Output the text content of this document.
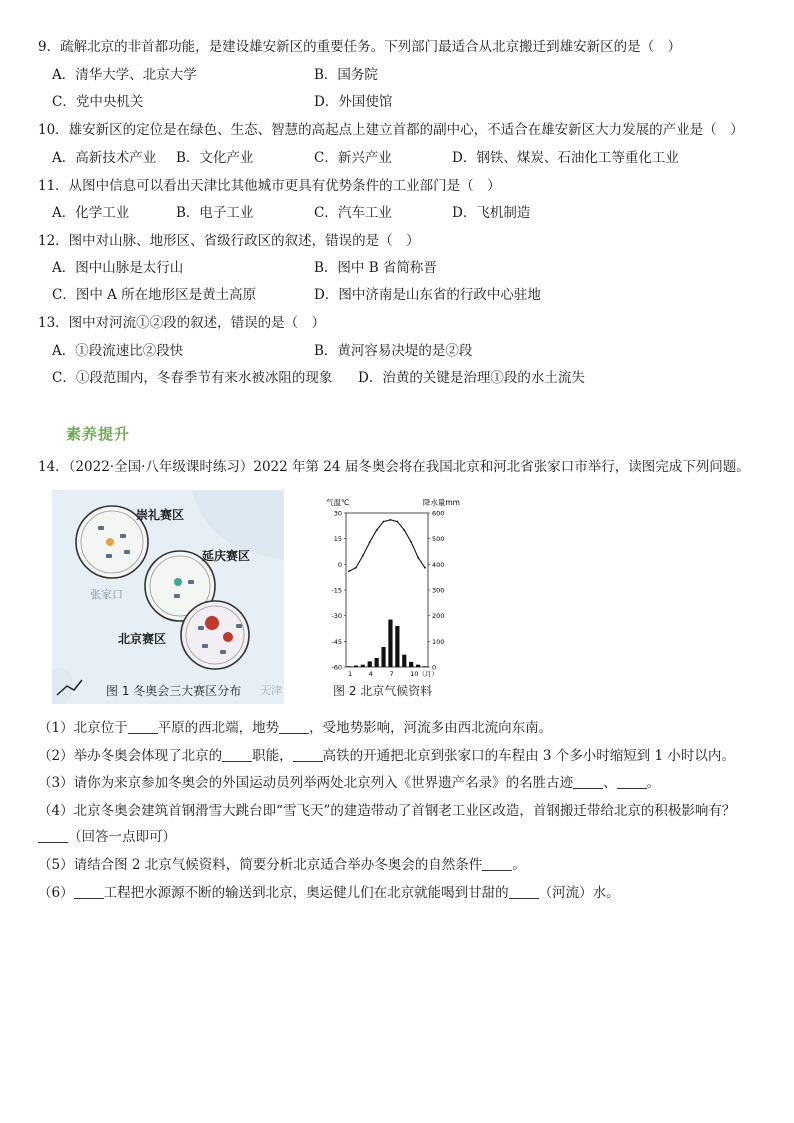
9．疏解北京的非首都功能，是建设雄安新区的重要任务。下列部门最适合从北京搬迁到雄安新区的是（　）
A．清华大学、北京大学	B．国务院
C．党中央机关	D．外国使馆
10．雄安新区的定位是在绿色、生态、智慧的高起点上建立首都的副中心，不适合在雄安新区大力发展的产业是（　）
A．高新技术产业 B．文化产业	C．新兴产业	D．钢铁、煤炭、石油化工等重化工业
11．从图中信息可以看出天津比其他城市更具有优势条件的工业部门是（　）
A．化学工业	B．电子工业	C．汽车工业	D．飞机制造
12．图中对山脉、地形区、省级行政区的叙述，错误的是（　）
A．图中山脉是太行山	B．图中 B 省简称晋
C．图中 A 所在地形区是黄土高原	D．图中济南是山东省的行政中心驻地
13．图中对河流①②段的叙述，错误的是（　）
A．①段流速比②段快	B．黄河容易决堤的是②段
C．①段范围内，冬春季节有来水被冰阻的现象 D．治黄的关键是治理①段的水土流失
素养提升
14．（2022·全国·八年级课时练习）2022 年第 24 届冬奥会将在我国北京和河北省张家口市举行，读图完成下列问题。
崇礼赛区
延庆赛区
张家口
北京赛区
天津
图 1 冬奥会三大赛区分布
气温℃	降水量mm
30
15
0
-15
-30
-45
-60
600
500
400
300
200
100
0
1	4	7	10（月）
图 2 北京气候资料
（1）北京位于 平原的西北端，地势 ，受地势影响，河流多由西北流向东南。
（2）举办冬奥会体现了北京的 职能， 高铁的开通把北京到张家口的车程由 3 个多小时缩短到 1 小时以内。
（3）请你为来京参加冬奥会的外国运动员列举两处北京列入《世界遗产名录》的名胜古迹 、 。
（4）北京冬奥会建筑首钢滑雪大跳台即“雪飞天”的建造带动了首钢老工业区改造，首钢搬迁带给北京的积极影响有？
（回答一点即可）
（5）请结合图 2 北京气候资料，简要分析北京适合举办冬奥会的自然条件 。
（6） 工程把水源源不断的输送到北京，奥运健儿们在北京就能喝到甘甜的 （河流）水。
